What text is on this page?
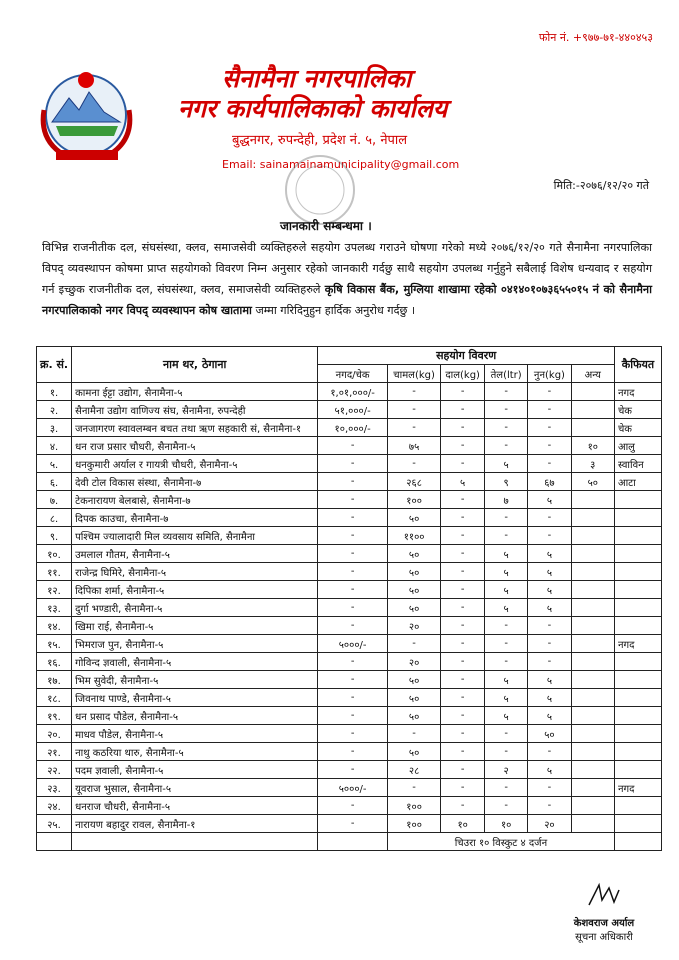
फोन नं. +९७७-७१-४४०४५३
सैनामैना नगरपालिका
नगर कार्यपालिकाको कार्यालय
बुद्धनगर, रुपन्देही, प्रदेश नं. ५, नेपाल
Email: sainamainamunicipality@gmail.com
मिति:-२०७६/१२/२० गते
जानकारी सम्बन्धमा ।
विभिन्न राजनीतीक दल, संघसंस्था, क्लव, समाजसेवी व्यक्तिहरुले सहयोग उपलब्ध गराउने घोषणा गरेको मध्ये २०७६/१२/२० गते सैनामैना नगरपालिका विपद् व्यवस्थापन कोषमा प्राप्त सहयोगको विवरण निम्न अनुसार रहेको जानकारी गर्दछु साथै सहयोग उपलब्ध गर्नुहुने सबैलाई विशेष धन्यवाद र सहयोग गर्न इच्छुक राजनीतीक दल, संघसंस्था, क्लव, समाजसेवी व्यक्तिहरुले कृषि विकास बैंक, मुग्लिया शाखामा रहेको ०४१४०१०७३६५५०१५ नं को सैनामैना नगरपालिकाको नगर विपद् व्यवस्थापन कोष खातामा जम्मा गरिदिनुहुन हार्दिक अनुरोध गर्दछु ।
क्र. सं.	नाम थर, ठेगाना	सहयोग विवरण						कैफियत
		नगद/चेक	चामल(kg)	दाल(kg)	तेल(ltr)	नुन(kg)	अन्य	
१.	कामना ईट्टा उद्योग, सैनामैना-५	१,०१,०००/-	-	-	-	-		नगद
२.	सैनामैना उद्योग वाणिज्य संघ, सैनामैना, रुपन्देही	५१,०००/-	-	-	-	-		चेक
३.	जनजागरण स्वावलम्बन बचत तथा ऋण सहकारी सं, सैनामैना-१	१०,०००/-	-	-	-	-		चेक
४.	धन राज प्रसार चौधरी, सैनामैना-५	-	७५	-	-	-	१०	आलु
५.	धनकुमारी अर्याल र गायत्री चौधरी, सैनामैना-५	-	-	-	५	-	३	स्वाविन
६.	देवी टोल विकास संस्था, सैनामैना-७	-	२६८	५	९	६७	५०	आटा
७.	टेकनारायण बेलबासे, सैनामैना-७	-	१००	-	७	५		
८.	दिपक काउचा, सैनामैना-७	-	५०	-	-	-		
९.	पश्चिम ज्यालादारी मिल व्यवसाय समिति, सैनामैना	-	११००	-	-	-		
१०.	उमलाल गौतम, सैनामैना-५	-	५०	-	५	५		
११.	राजेन्द्र घिमिरे, सैनामैना-५	-	५०	-	५	५		
१२.	दिपिका शर्मा, सैनामैना-५	-	५०	-	५	५		
१३.	दुर्गा भण्डारी, सैनामैना-५	-	५०	-	५	५		
१४.	खिमा राई, सैनामैना-५	-	२०	-	-	-		
१५.	भिमराज पुन, सैनामैना-५	५०००/-	-	-	-	-		नगद
१६.	गोविन्द ज्ञवाली, सैनामैना-५	-	२०	-	-	-		
१७.	भिम सुवेदी, सैनामैना-५	-	५०	-	५	५		
१८.	जिवनाथ पाण्डे, सैनामैना-५	-	५०	-	५	५		
१९.	धन प्रसाद पौडेल, सैनामैना-५	-	५०	-	५	५		
२०.	माधव पौडेल, सैनामैना-५	-	-	-	-	५०		
२१.	नाथु कठरिया थारु, सैनामैना-५	-	५०	-	-	-		
२२.	पदम ज्ञवाली, सैनामैना-५	-	२८	-	२	५		
२३.	यूवराज भुसाल, सैनामैना-५	५०००/-	-	-	-	-		नगद
२४.	धनराज चौधरी, सैनामैना-५	-	१००	-	-	-		
२५.	नारायण बहादुर रावल, सैनामैना-१	-	१००	१०	१०	२०		
			चिउरा १० विस्कुट ४ दर्जन					
केशवराज अर्याल
सूचना अधिकारी
